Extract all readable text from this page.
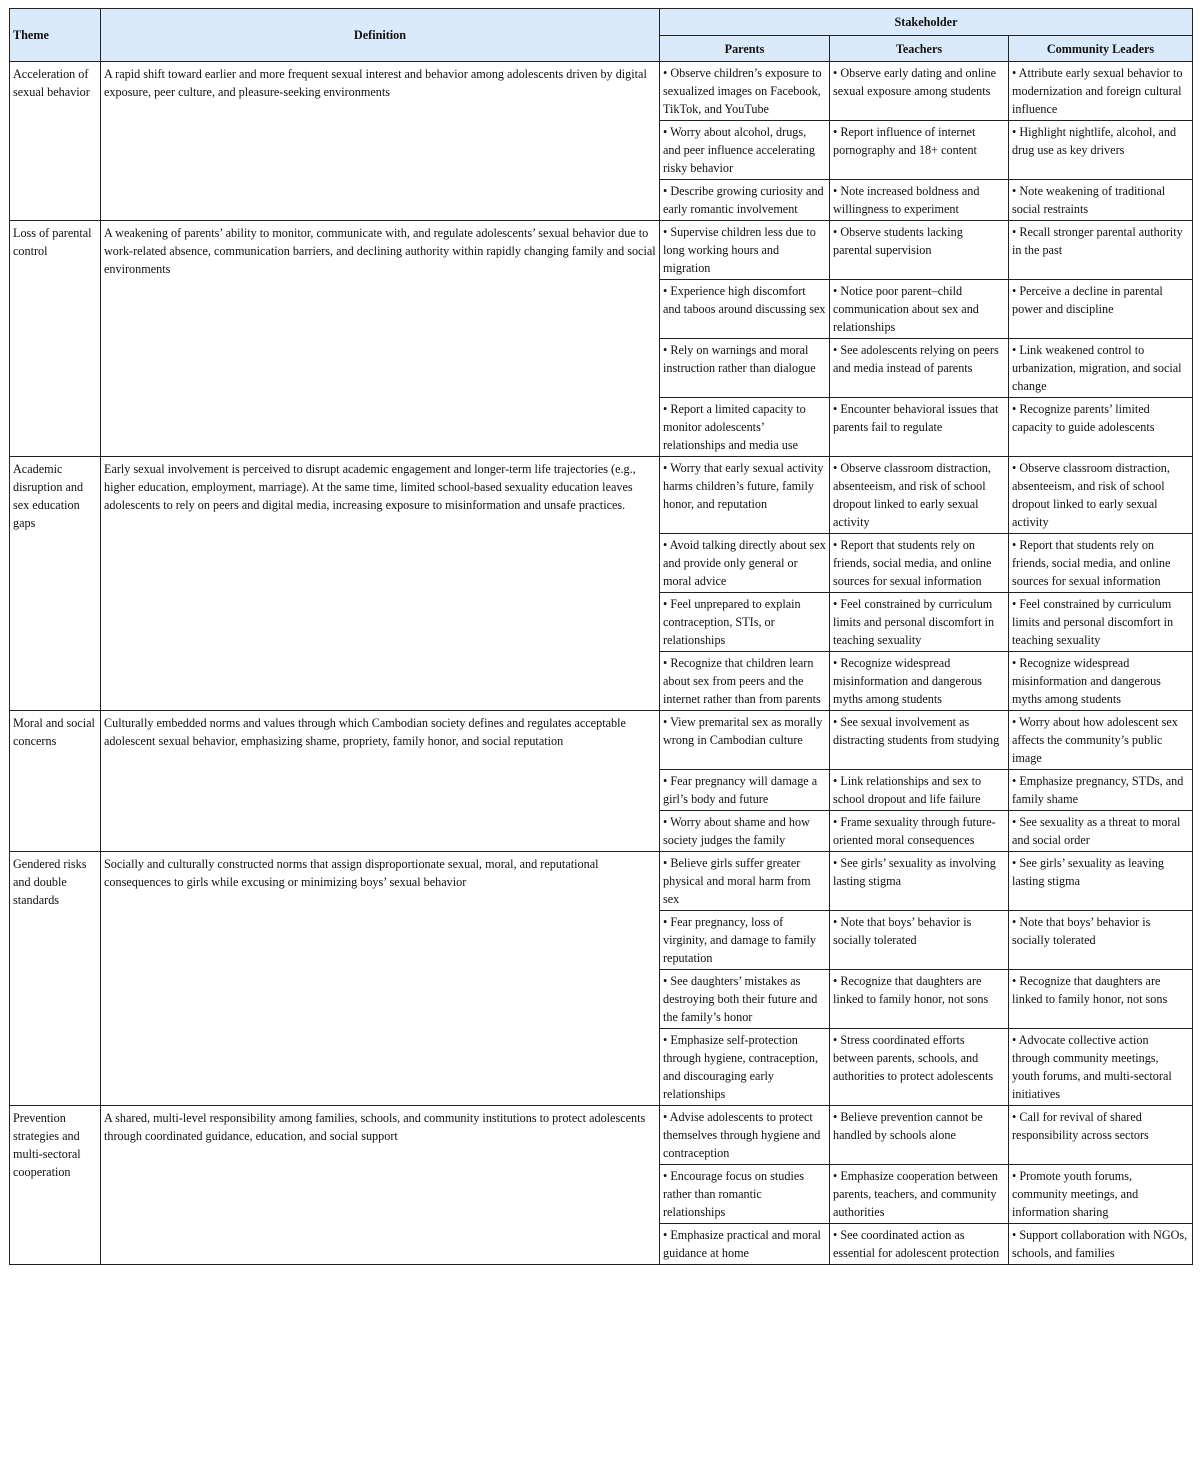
Theme	Definition	Stakeholder		
		Parents	Teachers	Community Leaders
Acceleration of sexual behavior	A rapid shift toward earlier and more frequent sexual interest and behavior among adolescents driven by digital exposure, peer culture, and pleasure-seeking environments	• Observe children’s exposure to sexualized images on Facebook, TikTok, and YouTube	• Observe early dating and online sexual exposure among students	• Attribute early sexual behavior to modernization and foreign cultural influence
		• Worry about alcohol, drugs, and peer influence accelerating risky behavior	• Report influence of internet pornography and 18+ content	• Highlight nightlife, alcohol, and drug use as key drivers
		• Describe growing curiosity and early romantic involvement	• Note increased boldness and willingness to experiment	• Note weakening of traditional social restraints
Loss of parental control	A weakening of parents’ ability to monitor, communicate with, and regulate adolescents’ sexual behavior due to work-related absence, communication barriers, and declining authority within rapidly changing family and social environments	• Supervise children less due to long working hours and migration	• Observe students lacking parental supervision	• Recall stronger parental authority in the past
		• Experience high discomfort and taboos around discussing sex	• Notice poor parent–child communication about sex and relationships	• Perceive a decline in parental power and discipline
		• Rely on warnings and moral instruction rather than dialogue	• See adolescents relying on peers and media instead of parents	• Link weakened control to urbanization, migration, and social change
		• Report a limited capacity to monitor adolescents’ relationships and media use	• Encounter behavioral issues that parents fail to regulate	• Recognize parents’ limited capacity to guide adolescents
Academic disruption and sex education gaps	Early sexual involvement is perceived to disrupt academic engagement and longer-term life trajectories (e.g., higher education, employment, marriage). At the same time, limited school-based sexuality education leaves adolescents to rely on peers and digital media, increasing exposure to misinformation and unsafe practices.	• Worry that early sexual activity harms children’s future, family honor, and reputation	• Observe classroom distraction, absenteeism, and risk of school dropout linked to early sexual activity	• Observe classroom distraction, absenteeism, and risk of school dropout linked to early sexual activity
		• Avoid talking directly about sex and provide only general or moral advice	• Report that students rely on friends, social media, and online sources for sexual information	• Report that students rely on friends, social media, and online sources for sexual information
		• Feel unprepared to explain contraception, STIs, or relationships	• Feel constrained by curriculum limits and personal discomfort in teaching sexuality	• Feel constrained by curriculum limits and personal discomfort in teaching sexuality
		• Recognize that children learn about sex from peers and the internet rather than from parents	• Recognize widespread misinformation and dangerous myths among students	• Recognize widespread misinformation and dangerous myths among students
Moral and social concerns	Culturally embedded norms and values through which Cambodian society defines and regulates acceptable adolescent sexual behavior, emphasizing shame, propriety, family honor, and social reputation	• View premarital sex as morally wrong in Cambodian culture	• See sexual involvement as distracting students from studying	• Worry about how adolescent sex affects the community’s public image
		• Fear pregnancy will damage a girl’s body and future	• Link relationships and sex to school dropout and life failure	• Emphasize pregnancy, STDs, and family shame
		• Worry about shame and how society judges the family	• Frame sexuality through future-oriented moral consequences	• See sexuality as a threat to moral and social order
Gendered risks and double standards	Socially and culturally constructed norms that assign disproportionate sexual, moral, and reputational consequences to girls while excusing or minimizing boys’ sexual behavior	• Believe girls suffer greater physical and moral harm from sex	• See girls’ sexuality as involving lasting stigma	• See girls’ sexuality as leaving lasting stigma
		• Fear pregnancy, loss of virginity, and damage to family reputation	• Note that boys’ behavior is socially tolerated	• Note that boys’ behavior is socially tolerated
		• See daughters’ mistakes as destroying both their future and the family’s honor	• Recognize that daughters are linked to family honor, not sons	• Recognize that daughters are linked to family honor, not sons
		• Emphasize self-protection through hygiene, contraception, and discouraging early relationships	• Stress coordinated efforts between parents, schools, and authorities to protect adolescents	• Advocate collective action through community meetings, youth forums, and multi-sectoral initiatives
Prevention strategies and multi-sectoral cooperation	A shared, multi-level responsibility among families, schools, and community institutions to protect adolescents through coordinated guidance, education, and social support	• Advise adolescents to protect themselves through hygiene and contraception	• Believe prevention cannot be handled by schools alone	• Call for revival of shared responsibility across sectors
		• Encourage focus on studies rather than romantic relationships	• Emphasize cooperation between parents, teachers, and community authorities	• Promote youth forums, community meetings, and information sharing
		• Emphasize practical and moral guidance at home	• See coordinated action as essential for adolescent protection	• Support collaboration with NGOs, schools, and families
